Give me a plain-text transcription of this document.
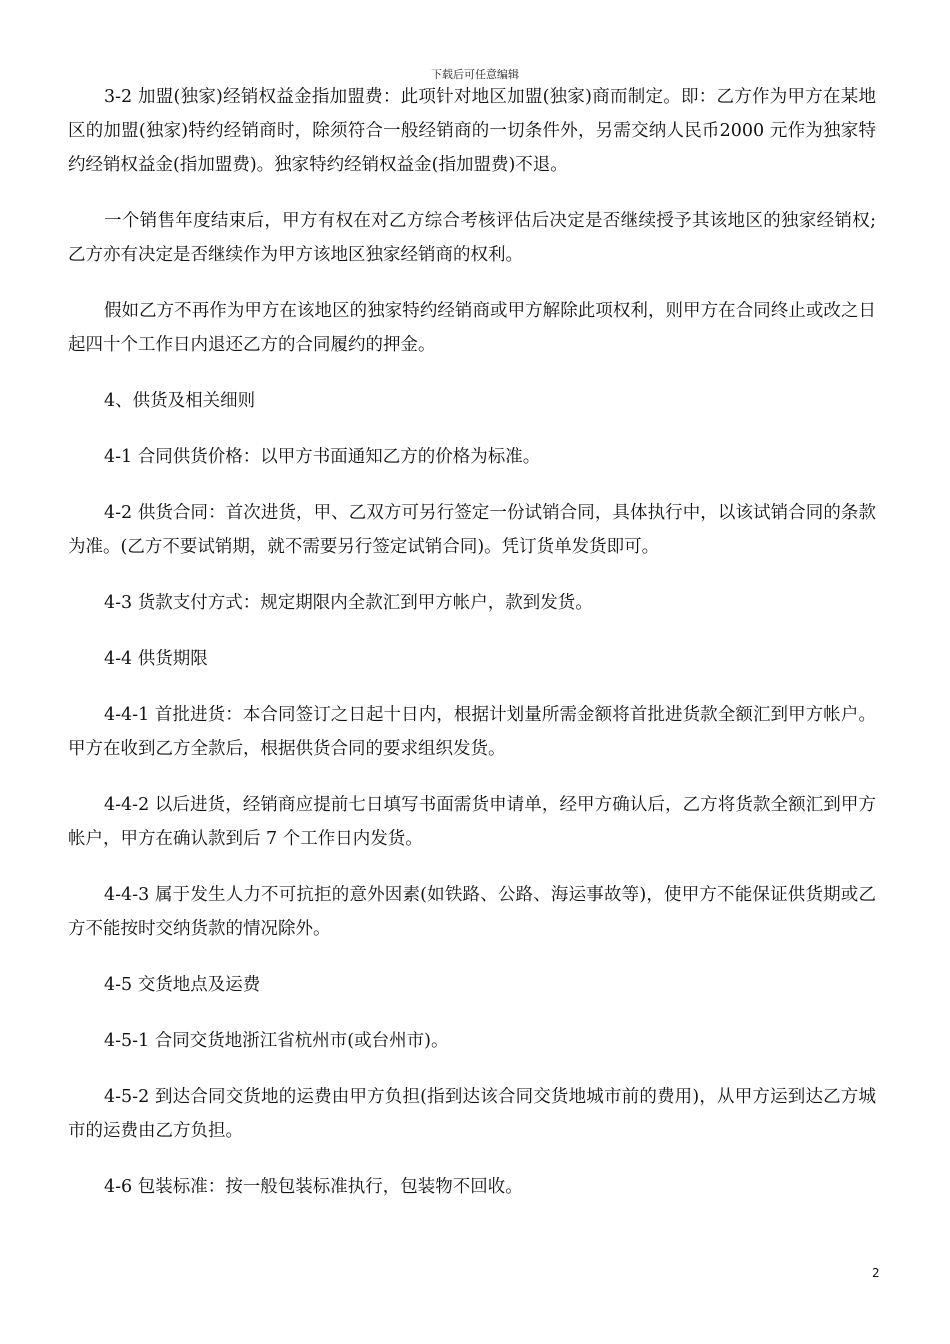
下载后可任意编辑

3-2 加盟(独家)经销权益金指加盟费：此项针对地区加盟(独家)商而制定。即：乙方作为甲方在某地区的加盟(独家)特约经销商时，除须符合一般经销商的一切条件外，另需交纳人民币2000 元作为独家特约经销权益金(指加盟费)。独家特约经销权益金(指加盟费)不退。

一个销售年度结束后，甲方有权在对乙方综合考核评估后决定是否继续授予其该地区的独家经销权;乙方亦有决定是否继续作为甲方该地区独家经销商的权利。

假如乙方不再作为甲方在该地区的独家特约经销商或甲方解除此项权利，则甲方在合同终止或改之日起四十个工作日内退还乙方的合同履约的押金。

4、供货及相关细则

4-1 合同供货价格：以甲方书面通知乙方的价格为标准。

4-2 供货合同：首次进货，甲、乙双方可另行签定一份试销合同，具体执行中，以该试销合同的条款为准。(乙方不要试销期，就不需要另行签定试销合同)。凭订货单发货即可。

4-3 货款支付方式：规定期限内全款汇到甲方帐户，款到发货。

4-4 供货期限

4-4-1 首批进货：本合同签订之日起十日内，根据计划量所需金额将首批进货款全额汇到甲方帐户。甲方在收到乙方全款后，根据供货合同的要求组织发货。

4-4-2 以后进货，经销商应提前七日填写书面需货申请单，经甲方确认后，乙方将货款全额汇到甲方帐户，甲方在确认款到后 7 个工作日内发货。

4-4-3 属于发生人力不可抗拒的意外因素(如铁路、公路、海运事故等)，使甲方不能保证供货期或乙方不能按时交纳货款的情况除外。

4-5 交货地点及运费

4-5-1 合同交货地浙江省杭州市(或台州市)。

4-5-2 到达合同交货地的运费由甲方负担(指到达该合同交货地城市前的费用)，从甲方运到达乙方城市的运费由乙方负担。

4-6 包装标准：按一般包装标准执行，包装物不回收。

2
